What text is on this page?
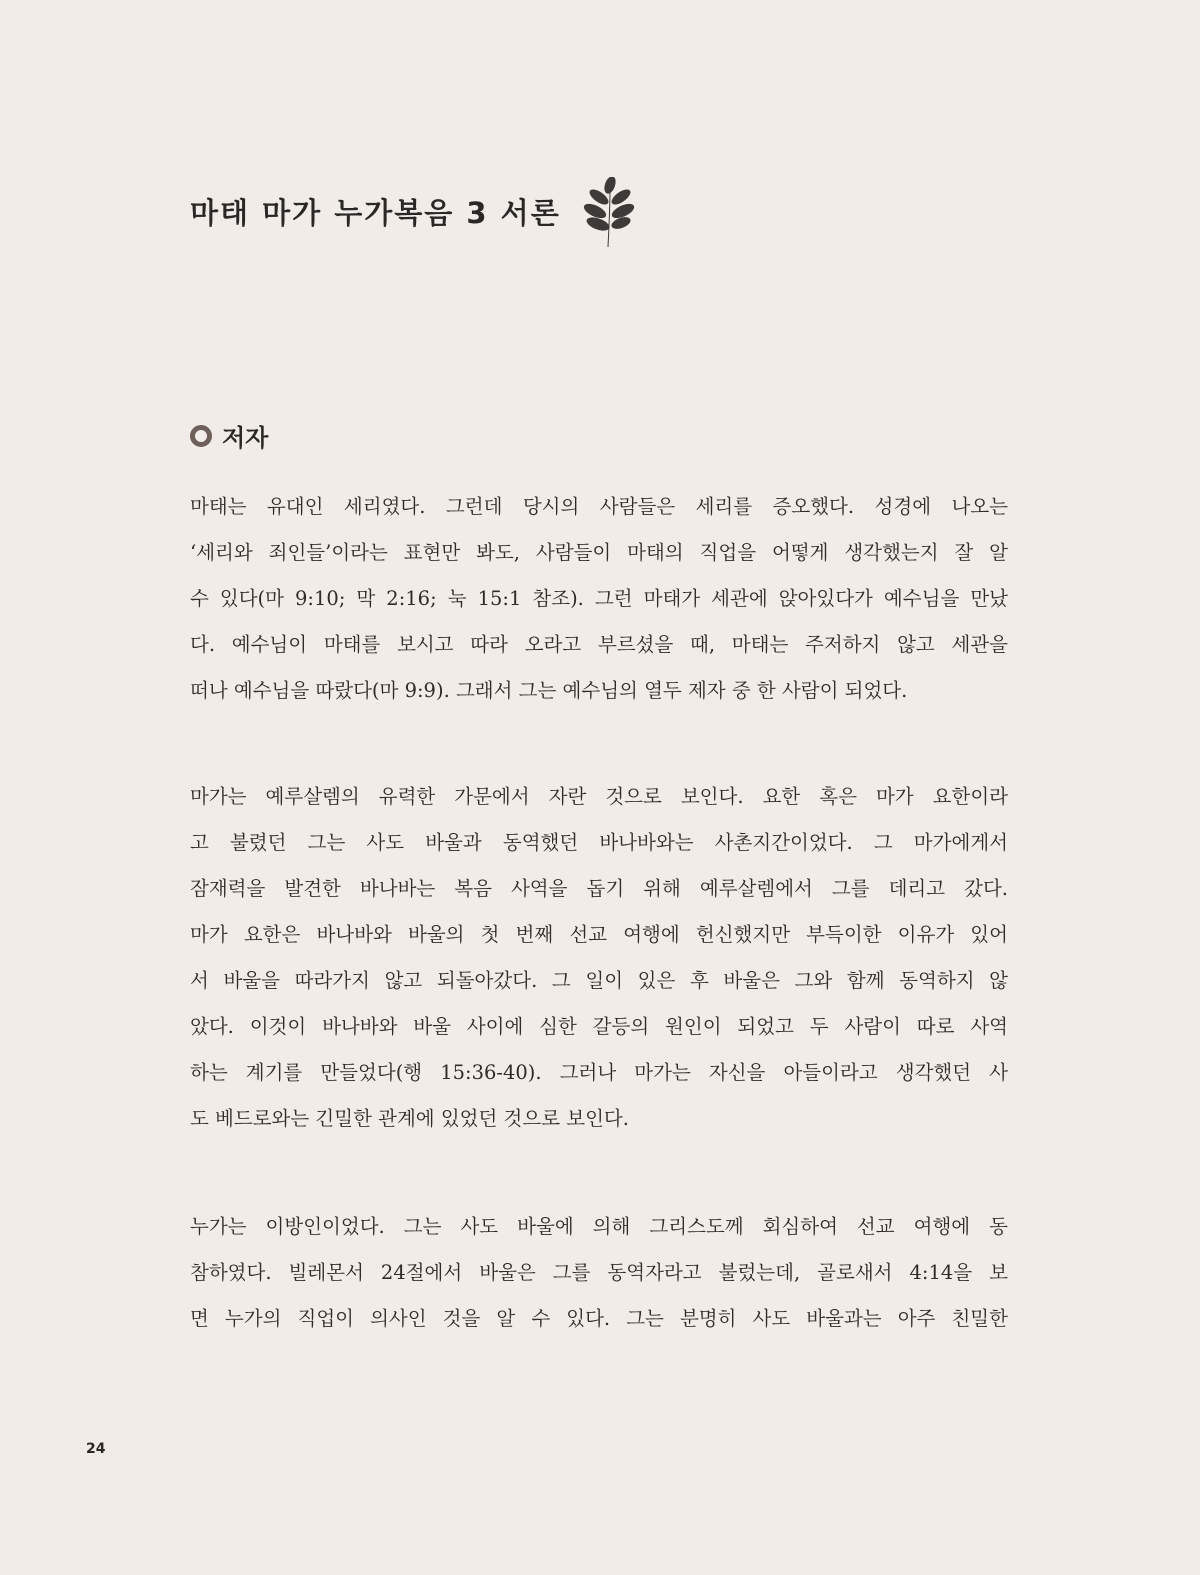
마태 마가 누가복음 3 서론
저자
마태는 유대인 세리였다. 그런데 당시의 사람들은 세리를 증오했다. 성경에 나오는
‘세리와 죄인들’이라는 표현만 봐도, 사람들이 마태의 직업을 어떻게 생각했는지 잘 알
수 있다(마 9:10; 막 2:16; 눅 15:1 참조). 그런 마태가 세관에 앉아있다가 예수님을 만났
다. 예수님이 마태를 보시고 따라 오라고 부르셨을 때, 마태는 주저하지 않고 세관을
떠나 예수님을 따랐다(마 9:9). 그래서 그는 예수님의 열두 제자 중 한 사람이 되었다.
마가는 예루살렘의 유력한 가문에서 자란 것으로 보인다. 요한 혹은 마가 요한이라
고 불렸던 그는 사도 바울과 동역했던 바나바와는 사촌지간이었다. 그 마가에게서
잠재력을 발견한 바나바는 복음 사역을 돕기 위해 예루살렘에서 그를 데리고 갔다.
마가 요한은 바나바와 바울의 첫 번째 선교 여행에 헌신했지만 부득이한 이유가 있어
서 바울을 따라가지 않고 되돌아갔다. 그 일이 있은 후 바울은 그와 함께 동역하지 않
았다. 이것이 바나바와 바울 사이에 심한 갈등의 원인이 되었고 두 사람이 따로 사역
하는 계기를 만들었다(행 15:36-40). 그러나 마가는 자신을 아들이라고 생각했던 사
도 베드로와는 긴밀한 관계에 있었던 것으로 보인다.
누가는 이방인이었다. 그는 사도 바울에 의해 그리스도께 회심하여 선교 여행에 동
참하였다. 빌레몬서 24절에서 바울은 그를 동역자라고 불렀는데, 골로새서 4:14을 보
면 누가의 직업이 의사인 것을 알 수 있다. 그는 분명히 사도 바울과는 아주 친밀한
24
